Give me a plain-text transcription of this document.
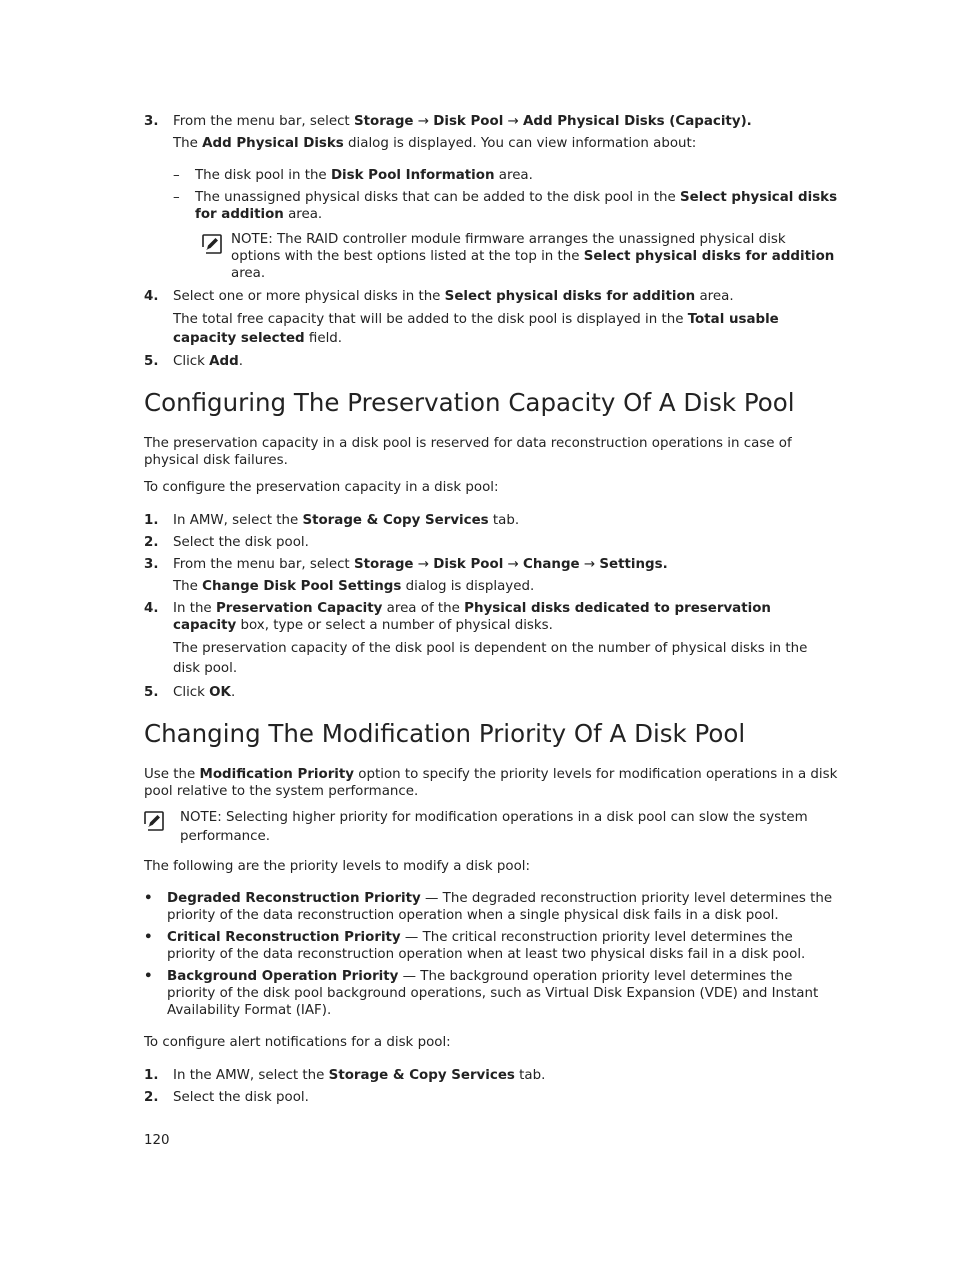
3. From the menu bar, select Storage → Disk Pool → Add Physical Disks (Capacity).
The Add Physical Disks dialog is displayed. You can view information about:
– The disk pool in the Disk Pool Information area.
– The unassigned physical disks that can be added to the disk pool in the Select physical disks for addition area.
NOTE: The RAID controller module firmware arranges the unassigned physical disk options with the best options listed at the top in the Select physical disks for addition area.
4. Select one or more physical disks in the Select physical disks for addition area.
The total free capacity that will be added to the disk pool is displayed in the Total usable capacity selected field.
5. Click Add.
Configuring The Preservation Capacity Of A Disk Pool
The preservation capacity in a disk pool is reserved for data reconstruction operations in case of physical disk failures.
To configure the preservation capacity in a disk pool:
1. In AMW, select the Storage & Copy Services tab.
2. Select the disk pool.
3. From the menu bar, select Storage → Disk Pool → Change → Settings.
The Change Disk Pool Settings dialog is displayed.
4. In the Preservation Capacity area of the Physical disks dedicated to preservation capacity box, type or select a number of physical disks.
The preservation capacity of the disk pool is dependent on the number of physical disks in the disk pool.
5. Click OK.
Changing The Modification Priority Of A Disk Pool
Use the Modification Priority option to specify the priority levels for modification operations in a disk pool relative to the system performance.
NOTE: Selecting higher priority for modification operations in a disk pool can slow the system performance.
The following are the priority levels to modify a disk pool:
• Degraded Reconstruction Priority — The degraded reconstruction priority level determines the priority of the data reconstruction operation when a single physical disk fails in a disk pool.
• Critical Reconstruction Priority — The critical reconstruction priority level determines the priority of the data reconstruction operation when at least two physical disks fail in a disk pool.
• Background Operation Priority — The background operation priority level determines the priority of the disk pool background operations, such as Virtual Disk Expansion (VDE) and Instant Availability Format (IAF).
To configure alert notifications for a disk pool:
1. In the AMW, select the Storage & Copy Services tab.
2. Select the disk pool.
120
